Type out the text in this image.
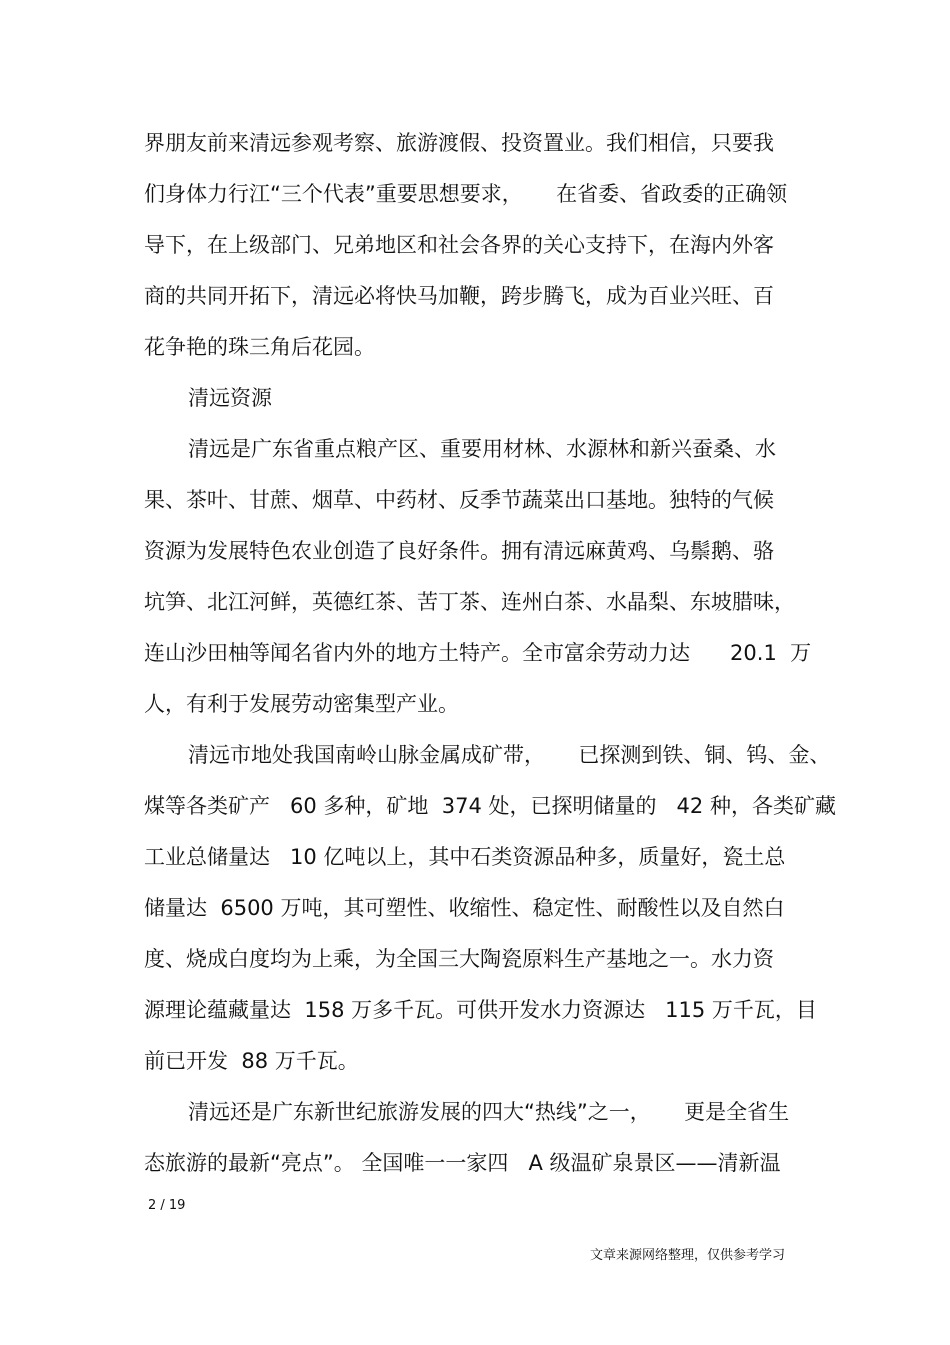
界朋友前来清远参观考察、旅游渡假、投资置业。我们相信，只要我
们身体力行江“三个代表”重要思想要求，     在省委、省政委的正确领
导下，在上级部门、兄弟地区和社会各界的关心支持下，在海内外客
商的共同开拓下，清远必将快马加鞭，跨步腾飞，成为百业兴旺、百
花争艳的珠三角后花园。
清远资源
清远是广东省重点粮产区、重要用材林、水源林和新兴蚕桑、水
果、茶叶、甘蔗、烟草、中药材、反季节蔬菜出口基地。独特的气候
资源为发展特色农业创造了良好条件。拥有清远麻黄鸡、乌鬃鹅、骆
坑笋、北江河鲜，英德红茶、苦丁茶、连州白茶、水晶梨、东坡腊味，
连山沙田柚等闻名省内外的地方土特产。全市富余劳动力达      20.1  万
人，有利于发展劳动密集型产业。
清远市地处我国南岭山脉金属成矿带，     已探测到铁、铜、钨、金、
煤等各类矿产   60 多种，矿地  374 处，已探明储量的   42 种，各类矿藏
工业总储量达   10 亿吨以上，其中石类资源品种多，质量好，瓷土总
储量达  6500 万吨，其可塑性、收缩性、稳定性、耐酸性以及自然白
度、烧成白度均为上乘，为全国三大陶瓷原料生产基地之一。水力资
源理论蕴藏量达  158 万多千瓦。可供开发水力资源达   115 万千瓦，目
前已开发  88 万千瓦。
清远还是广东新世纪旅游发展的四大“热线”之一，     更是全省生
态旅游的最新“亮点”。 全国唯一一家四   A 级温矿泉景区——清新温
2 / 19
文章来源网络整理，仅供参考学习
